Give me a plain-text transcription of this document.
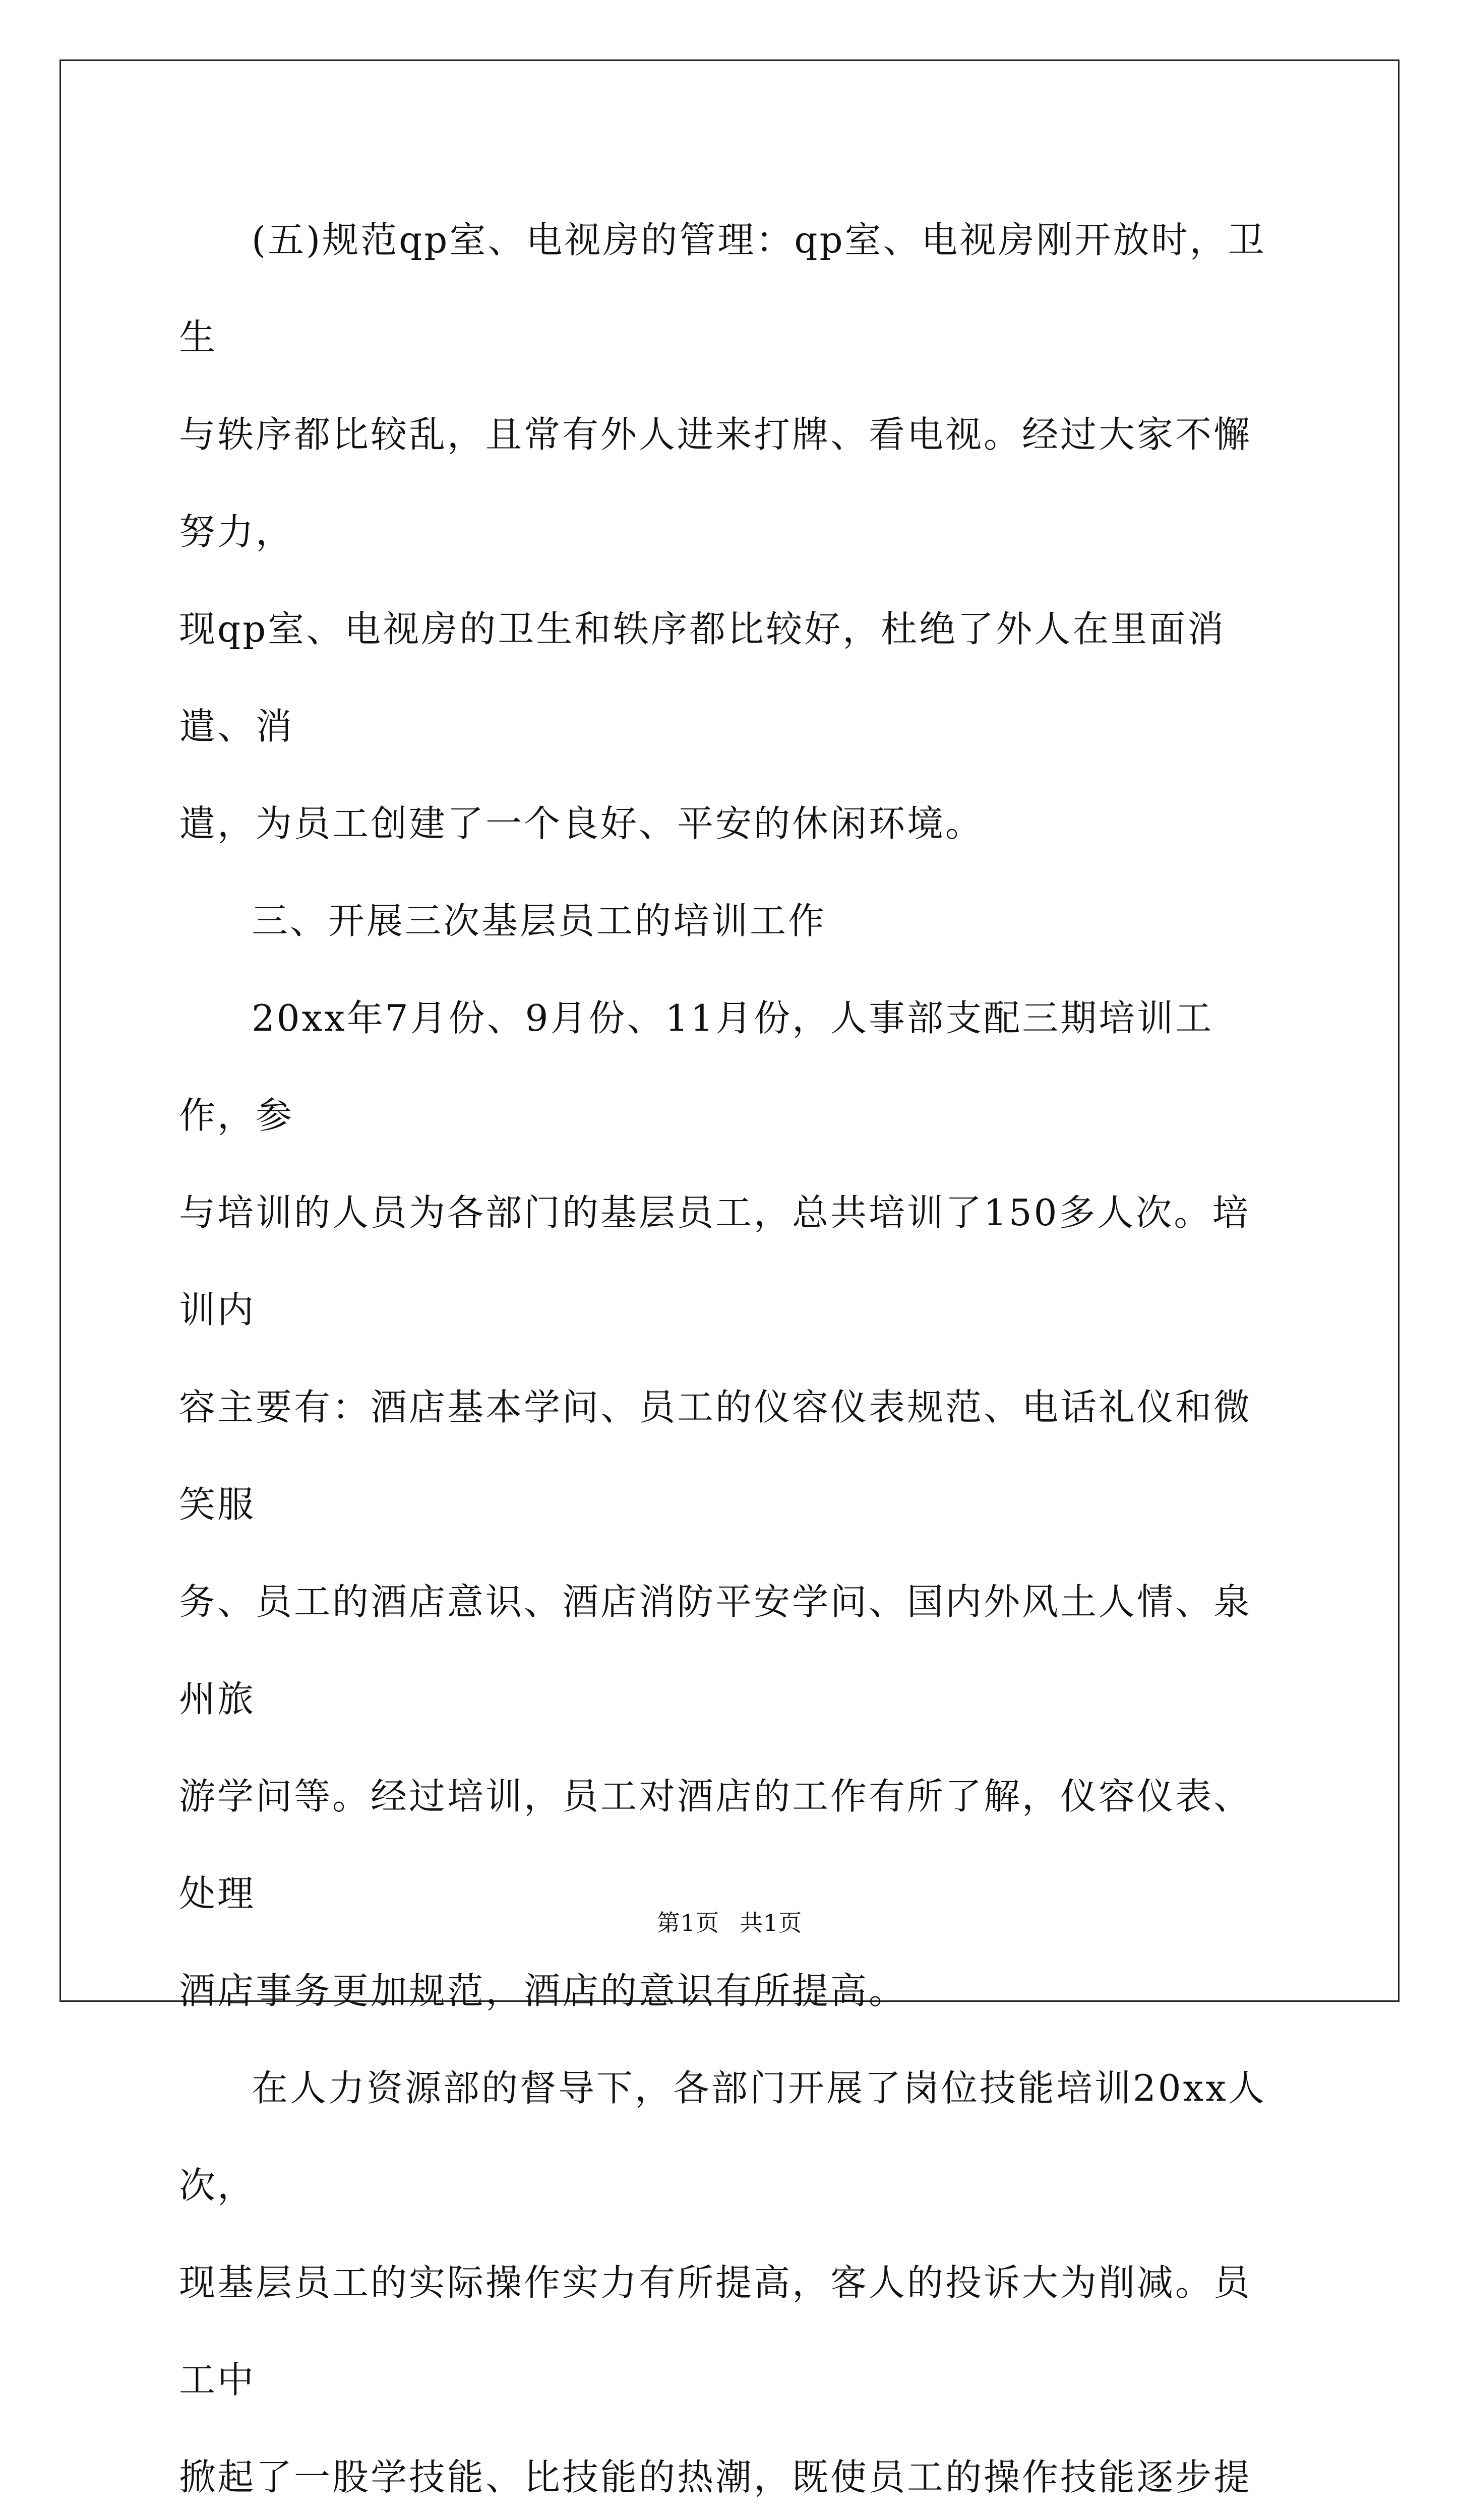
(五)规范qp室、电视房的管理：qp室、电视房刚开放时，卫生

与轶序都比较乱，且常有外人进来打牌、看电视。经过大家不懈努力，

现qp室、电视房的卫生和轶序都比较好，杜绝了外人在里面消遣、消

遣，为员工创建了一个良好、平安的休闲环境。

三、开展三次基层员工的培训工作

20xx年7月份、9月份、11月份，人事部支配三期培训工作，参

与培训的人员为各部门的基层员工，总共培训了150多人次。培训内

容主要有：酒店基本学问、员工的仪容仪表规范、电话礼仪和微笑服

务、员工的酒店意识、酒店消防平安学问、国内外风土人情、泉州旅

游学问等。经过培训，员工对酒店的工作有所了解，仪容仪表、处理

酒店事务更加规范，酒店的意识有所提高。

在人力资源部的督导下，各部门开展了岗位技能培训20xx人次，

现基层员工的实际操作实力有所提高，客人的投诉大为削减。员工中

掀起了一股学技能、比技能的热潮，既使员工的操作技能逐步提

第1页 共1页
